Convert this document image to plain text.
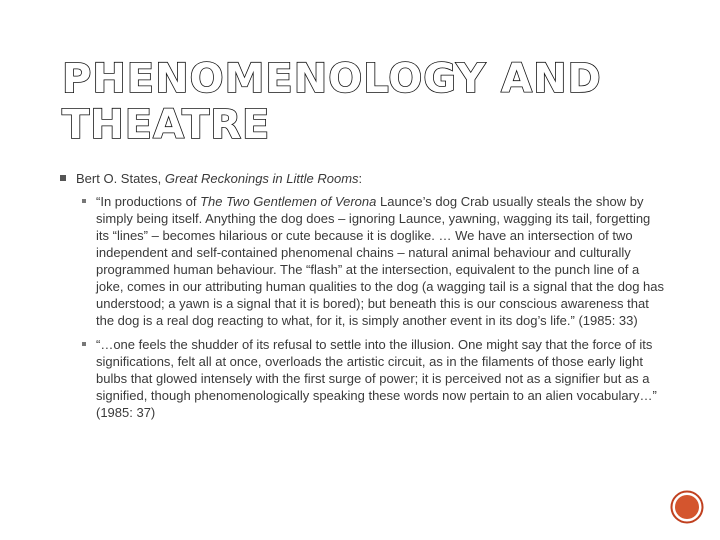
PHENOMENOLOGY AND
THEATRE
Bert O. States, Great Reckonings in Little Rooms:
“In productions of The Two Gentlemen of Verona Launce’s dog Crab usually steals the show by simply being itself. Anything the dog does – ignoring Launce, yawning, wagging its tail, forgetting its “lines” – becomes hilarious or cute because it is doglike. … We have an intersection of two independent and self-contained phenomenal chains – natural animal behaviour and culturally programmed human behaviour. The “flash” at the intersection, equivalent to the punch line of a joke, comes in our attributing human qualities to the dog (a wagging tail is a signal that the dog has understood; a yawn is a signal that it is bored); but beneath this is our conscious awareness that the dog is a real dog reacting to what, for it, is simply another event in its dog’s life.” (1985: 33)
“…one feels the shudder of its refusal to settle into the illusion. One might say that the force of its significations, felt all at once, overloads the artistic circuit, as in the filaments of those early light bulbs that glowed intensely with the first surge of power; it is perceived not as a signifier but as a signified, though phenomenologically speaking these words now pertain to an alien vocabulary…” (1985: 37)
